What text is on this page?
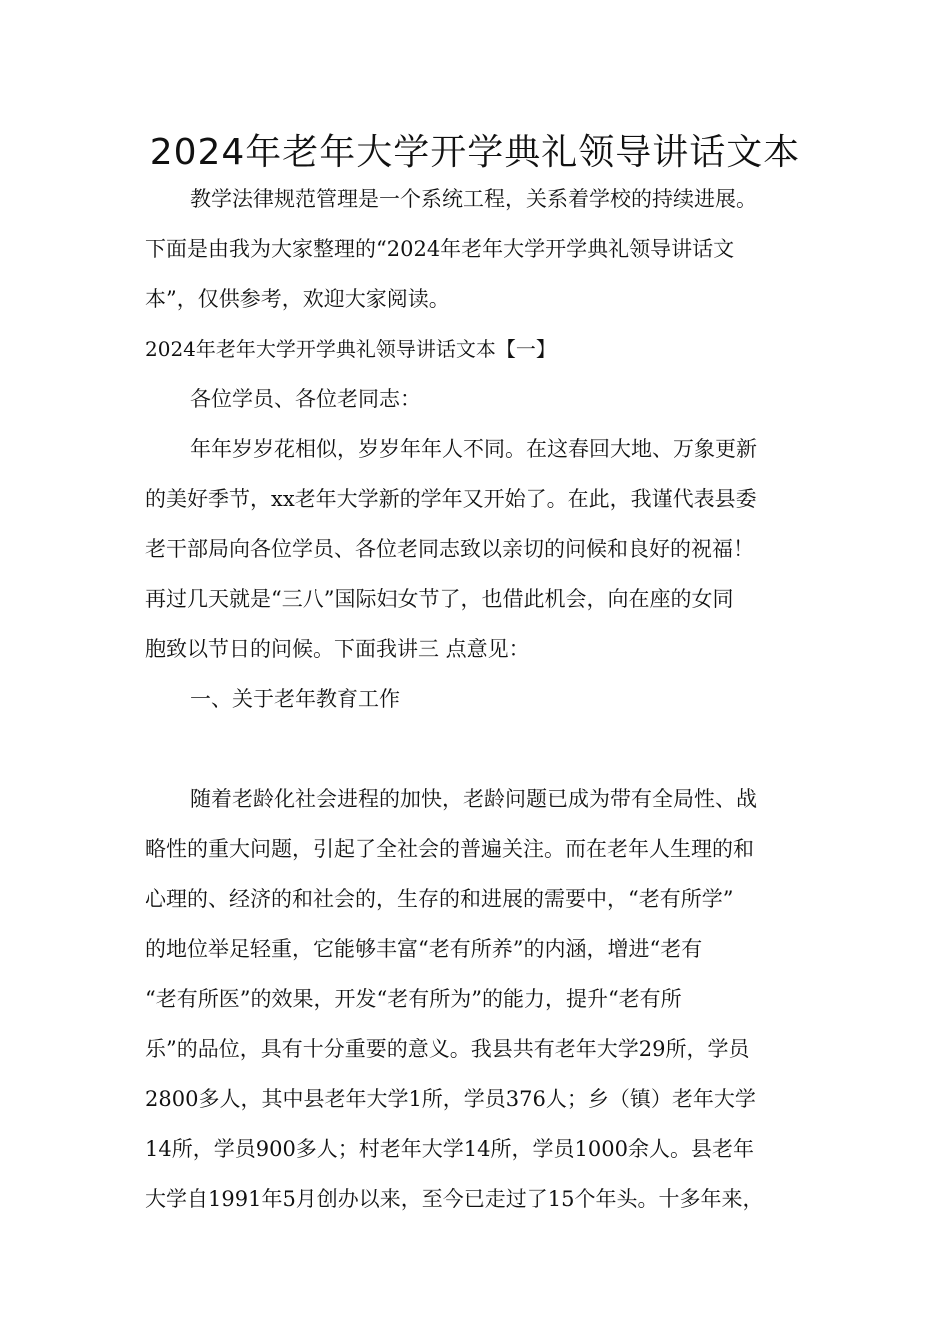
2024年老年大学开学典礼领导讲话文本
教学法律规范管理是一个系统工程，关系着学校的持续进展。
下面是由我为大家整理的“2024年老年大学开学典礼领导讲话文
本”，仅供参考，欢迎大家阅读。
2024年老年大学开学典礼领导讲话文本【一】
各位学员、各位老同志：
年年岁岁花相似，岁岁年年人不同。在这春回大地、万象更新
的美好季节，xx老年大学新的学年又开始了。在此，我谨代表县委
老干部局向各位学员、各位老同志致以亲切的问候和良好的祝福！
再过几天就是“三八”国际妇女节了，也借此机会，向在座的女同
胞致以节日的问候。下面我讲三 点意见：
一、关于老年教育工作
随着老龄化社会进程的加快，老龄问题已成为带有全局性、战
略性的重大问题，引起了全社会的普遍关注。而在老年人生理的和
心理的、经济的和社会的，生存的和进展的需要中，“老有所学”
的地位举足轻重，它能够丰富“老有所养”的内涵，增进“老有
“老有所医”的效果，开发“老有所为”的能力，提升“老有所
乐”的品位，具有十分重要的意义。我县共有老年大学29所，学员
2800多人，其中县老年大学1所，学员376人；乡（镇）老年大学
14所，学员900多人；村老年大学14所，学员1000余人。县老年
大学自1991年5月创办以来，至今已走过了15个年头。十多年来，
